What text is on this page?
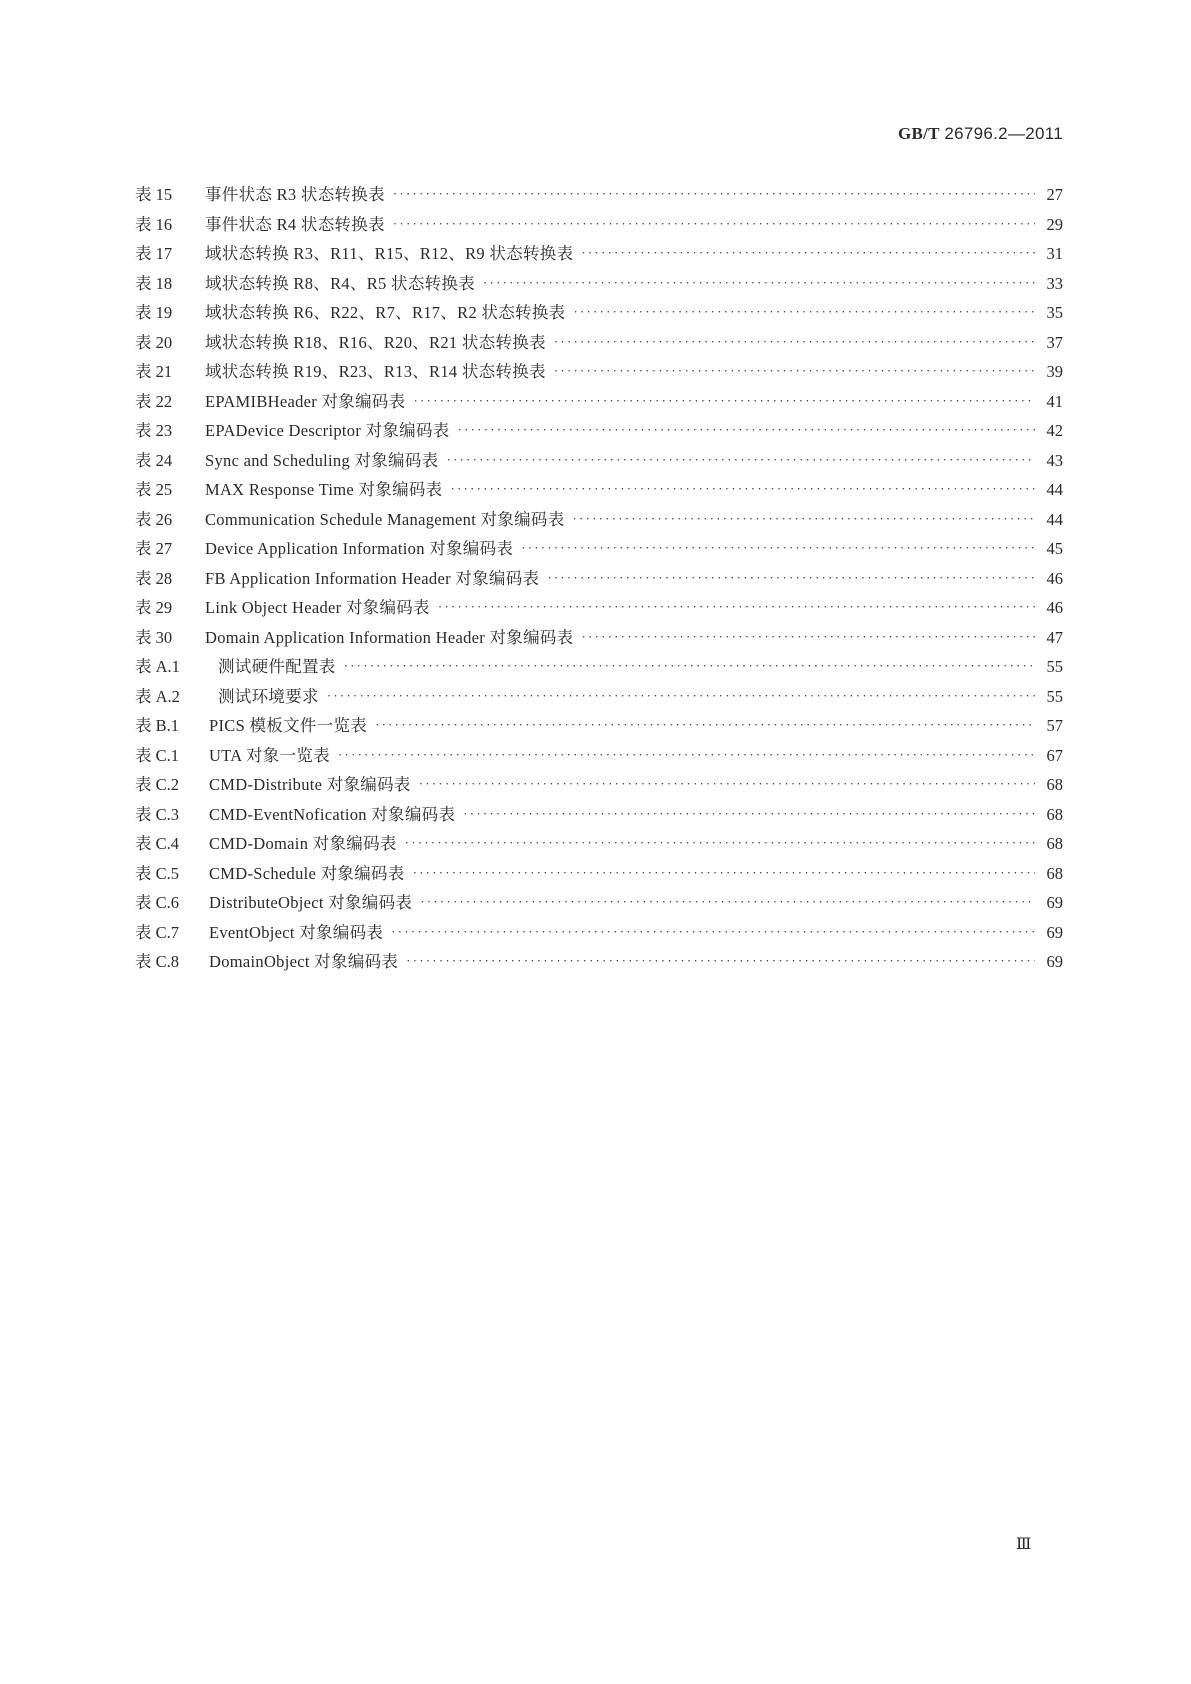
GB/T 26796.2—2011
表 15	事件状态 R3 状态转换表 ·····	27
表 16	事件状态 R4 状态转换表 ·····	29
表 17	域状态转换 R3、R11、R15、R12、R9 状态转换表 ·····	31
表 18	域状态转换 R8、R4、R5 状态转换表 ·····	33
表 19	域状态转换 R6、R22、R7、R17、R2 状态转换表 ·····	35
表 20	域状态转换 R18、R16、R20、R21 状态转换表 ·····	37
表 21	域状态转换 R19、R23、R13、R14 状态转换表 ·····	39
表 22	EPAMIBHeader 对象编码表 ·····	41
表 23	EPADevice Descriptor 对象编码表 ·····	42
表 24	Sync and Scheduling 对象编码表 ·····	43
表 25	MAX Response Time 对象编码表 ·····	44
表 26	Communication Schedule Management 对象编码表 ·····	44
表 27	Device Application Information 对象编码表 ·····	45
表 28	FB Application Information Header 对象编码表 ·····	46
表 29	Link Object Header 对象编码表 ·····	46
表 30	Domain Application Information Header 对象编码表 ·····	47
表 A.1	测试硬件配置表 ·····	55
表 A.2	测试环境要求 ·····	55
表 B.1	PICS 模板文件一览表 ·····	57
表 C.1	UTA 对象一览表 ·····	67
表 C.2	CMD-Distribute 对象编码表 ·····	68
表 C.3	CMD-EventNofication 对象编码表 ·····	68
表 C.4	CMD-Domain 对象编码表 ·····	68
表 C.5	CMD-Schedule 对象编码表 ·····	68
表 C.6	DistributeObject 对象编码表 ·····	69
表 C.7	EventObject 对象编码表 ·····	69
表 C.8	DomainObject 对象编码表 ·····	69
Ⅲ
